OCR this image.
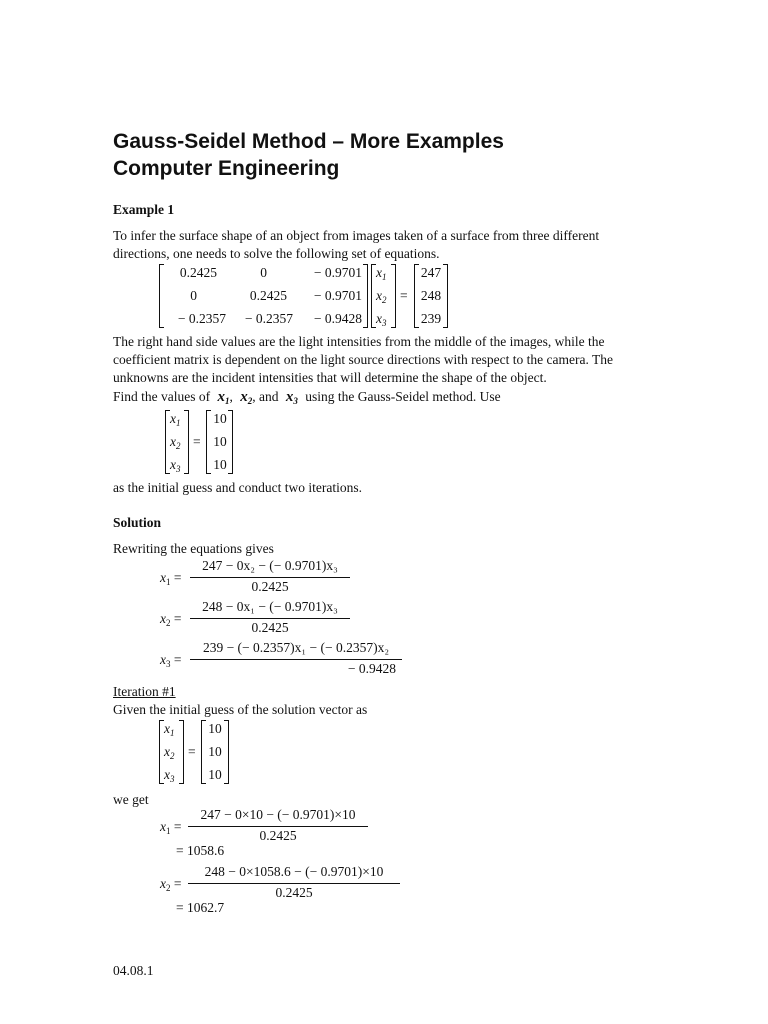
Gauss-Seidel Method – More Examples
Computer Engineering
Example 1
To infer the surface shape of an object from images taken of a surface from three different
directions, one needs to solve the following set of equations.
0.2425	0	− 0.9701
0	0.2425	− 0.9701
− 0.2357	− 0.2357	− 0.9428
$x_1$
$x_2$
$x_3$
=
247
248
239
The right hand side values are the light intensities from the middle of the images, while the
coefficient matrix is dependent on the light source directions with respect to the camera. The
unknowns are the incident intensities that will determine the shape of the object.
Find the values of $x_1$, $x_2$, and $x_3$ using the Gauss-Seidel method. Use
$x_1$
$x_2$
$x_3$
=
10
10
10
as the initial guess and conduct two iterations.
Solution
Rewriting the equations gives
$x_1$ =
247 − 0x₂ − (− 0.9701)x₃
0.2425
$x_2$ =
248 − 0x₁ − (− 0.9701)x₃
0.2425
$x_3$ =
239 − (− 0.2357)x₁ − (− 0.2357)x₂
− 0.9428
Iteration #1
Given the initial guess of the solution vector as
$x_1$
$x_2$
$x_3$
=
10
10
10
we get
$x_1$ =
247 − 0×10 − (− 0.9701)×10
0.2425
= 1058.6
$x_2$ =
248 − 0×1058.6 − (− 0.9701)×10
0.2425
= 1062.7
04.08.1
